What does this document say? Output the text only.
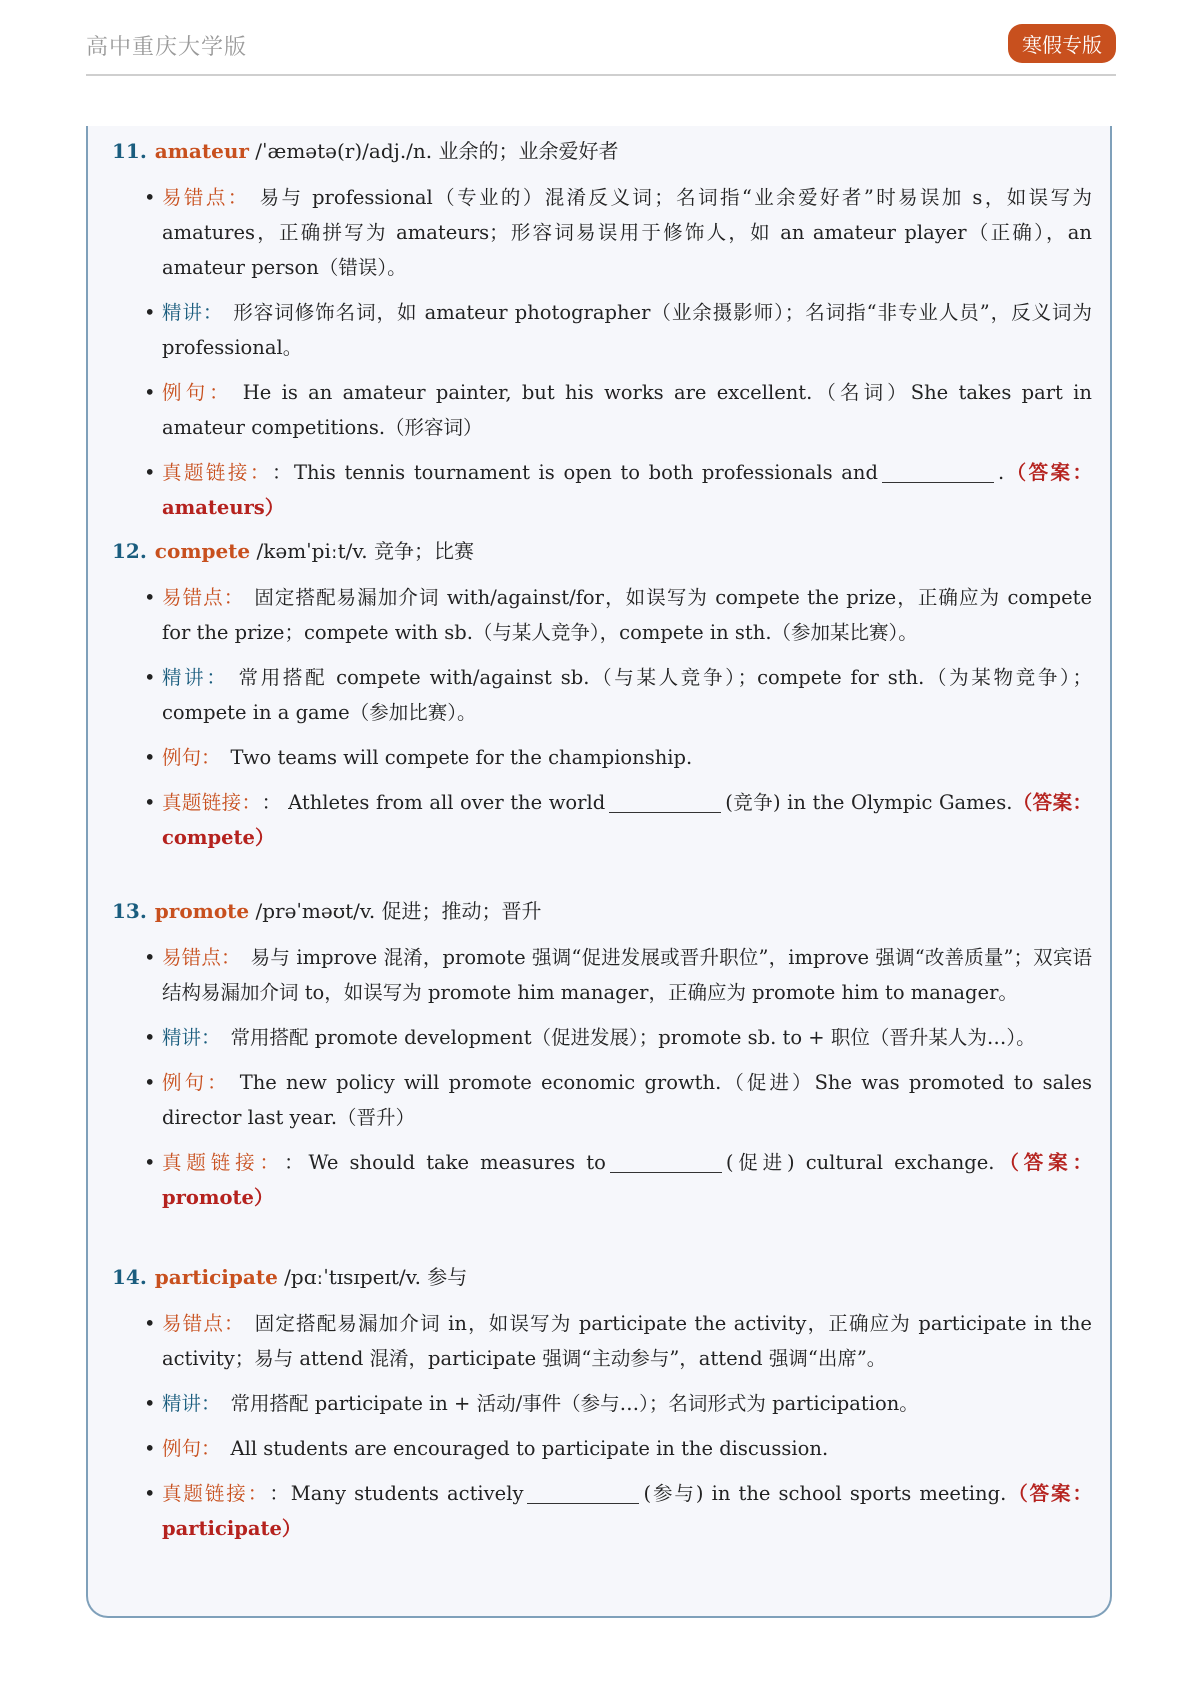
高中重庆大学版	寒假专版
11. amateur /ˈæmətə(r)/adj./n. 业余的；业余爱好者
• 易错点： 易与 professional（专业的）混淆反义词；名词指“业余爱好者”时易误加 s，如误写为 amatures，正确拼写为 amateurs；形容词易误用于修饰人，如 an amateur player（正确），an amateur person（错误）。
• 精讲： 形容词修饰名词，如 amateur photographer（业余摄影师）；名词指“非专业人员”，反义词为 professional。
• 例句： He is an amateur painter, but his works are excellent.（名词）She takes part in amateur competitions.（形容词）
• 真题链接： ：This tennis tournament is open to both professionals and	.（答案：amateurs）
12. compete /kəmˈpiːt/v. 竞争；比赛
• 易错点： 固定搭配易漏加介词 with/against/for，如误写为 compete the prize，正确应为 compete for the prize；compete with sb.（与某人竞争），compete in sth.（参加某比赛）。
• 精讲： 常用搭配 compete with/against sb.（与某人竞争）；compete for sth.（为某物竞争）；compete in a game（参加比赛）。
• 例句： Two teams will compete for the championship.
• 真题链接： ： Athletes from all over the world	(竞争) in the Olympic Games.（答案：compete）
13. promote /prəˈməʊt/v. 促进；推动；晋升
• 易错点： 易与 improve 混淆，promote 强调“促进发展或晋升职位”，improve 强调“改善质量”；双宾语结构易漏加介词 to，如误写为 promote him manager，正确应为 promote him to manager。
• 精讲： 常用搭配 promote development（促进发展）；promote sb. to + 职位（晋升某人为…）。
• 例句： The new policy will promote economic growth.（促进）She was promoted to sales director last year.（晋升）
• 真题链接： ：We should take measures to	(促进) cultural exchange.（答案：promote）
14. participate /pɑːˈtɪsɪpeɪt/v. 参与
• 易错点： 固定搭配易漏加介词 in，如误写为 participate the activity，正确应为 participate in the activity；易与 attend 混淆，participate 强调“主动参与”，attend 强调“出席”。
• 精讲： 常用搭配 participate in + 活动/事件（参与…）；名词形式为 participation。
• 例句： All students are encouraged to participate in the discussion.
• 真题链接： ：Many students actively	(参与) in the school sports meeting.（答案：participate）
